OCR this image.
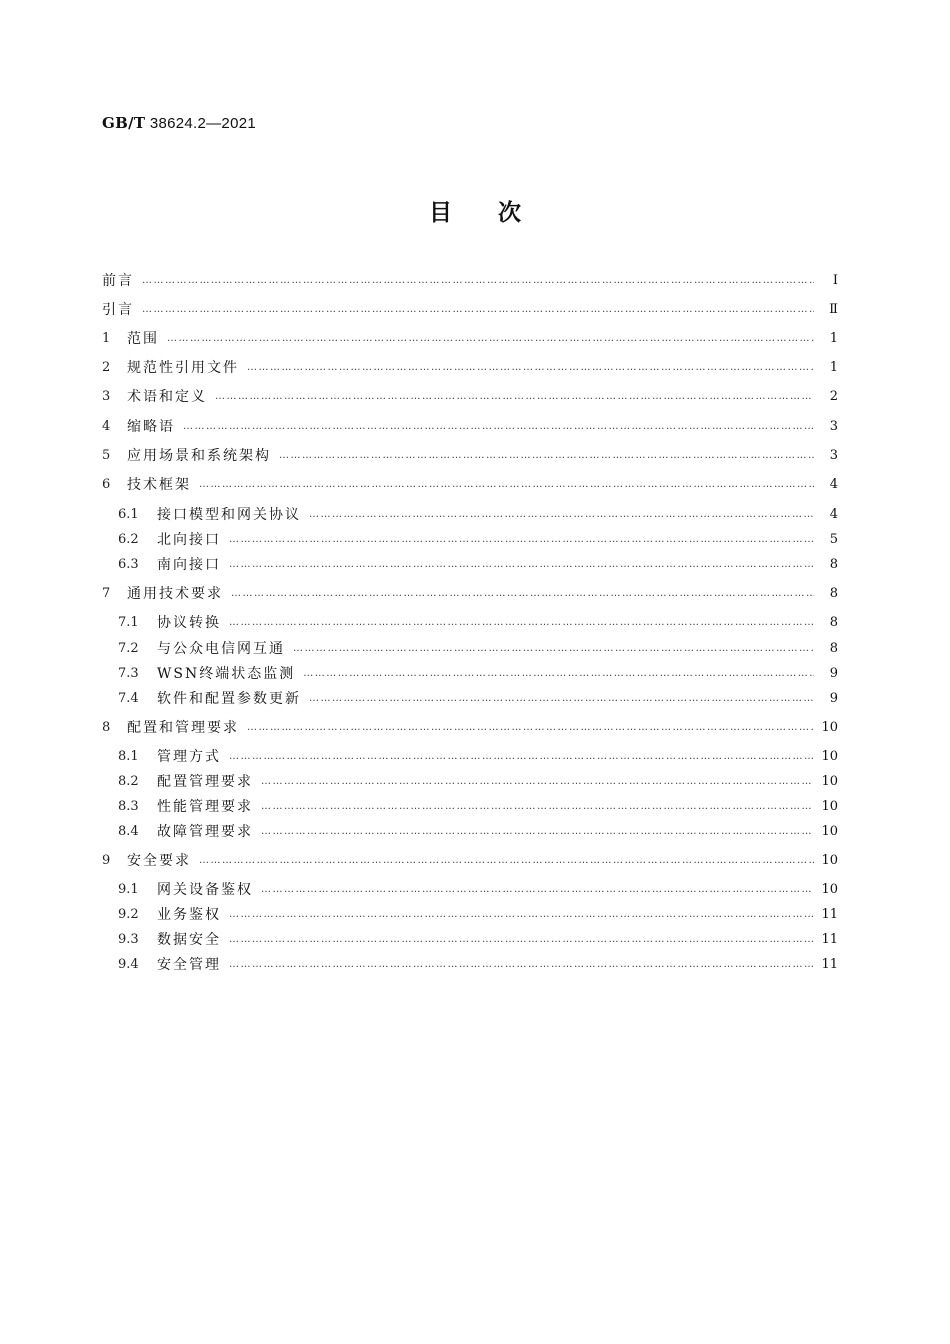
GB/T 38624.2—2021
目次
前言 …………………………………………………………………………………………………………………………………………………………………………………………………………………………………	Ⅰ
引言 …………………………………………………………………………………………………………………………………………………………………………………………………………………………………	Ⅱ
1	范围 …………………………………………………………………………………………………………………………………………………………………………………………………………………………………	1
2	规范性引用文件 …………………………………………………………………………………………………………………………………………………………………………………………………………………………………	1
3	术语和定义 …………………………………………………………………………………………………………………………………………………………………………………………………………………………………	2
4	缩略语 …………………………………………………………………………………………………………………………………………………………………………………………………………………………………	3
5	应用场景和系统架构 …………………………………………………………………………………………………………………………………………………………………………………………………………………………………	3
6	技术框架 …………………………………………………………………………………………………………………………………………………………………………………………………………………………………	4
6.1	接口模型和网关协议 …………………………………………………………………………………………………………………………………………………………………………………………………………………………………	4
6.2	北向接口 …………………………………………………………………………………………………………………………………………………………………………………………………………………………………	5
6.3	南向接口 …………………………………………………………………………………………………………………………………………………………………………………………………………………………………	8
7	通用技术要求 …………………………………………………………………………………………………………………………………………………………………………………………………………………………………	8
7.1	协议转换 …………………………………………………………………………………………………………………………………………………………………………………………………………………………………	8
7.2	与公众电信网互通 …………………………………………………………………………………………………………………………………………………………………………………………………………………………………	8
7.3	WSN终端状态监测 …………………………………………………………………………………………………………………………………………………………………………………………………………………………………	9
7.4	软件和配置参数更新 …………………………………………………………………………………………………………………………………………………………………………………………………………………………………	9
8	配置和管理要求 …………………………………………………………………………………………………………………………………………………………………………………………………………………………………	10
8.1	管理方式 …………………………………………………………………………………………………………………………………………………………………………………………………………………………………	10
8.2	配置管理要求 …………………………………………………………………………………………………………………………………………………………………………………………………………………………………	10
8.3	性能管理要求 …………………………………………………………………………………………………………………………………………………………………………………………………………………………………	10
8.4	故障管理要求 …………………………………………………………………………………………………………………………………………………………………………………………………………………………………	10
9	安全要求 …………………………………………………………………………………………………………………………………………………………………………………………………………………………………	10
9.1	网关设备鉴权 …………………………………………………………………………………………………………………………………………………………………………………………………………………………………	10
9.2	业务鉴权 …………………………………………………………………………………………………………………………………………………………………………………………………………………………………	11
9.3	数据安全 …………………………………………………………………………………………………………………………………………………………………………………………………………………………………	11
9.4	安全管理 …………………………………………………………………………………………………………………………………………………………………………………………………………………………………	11
